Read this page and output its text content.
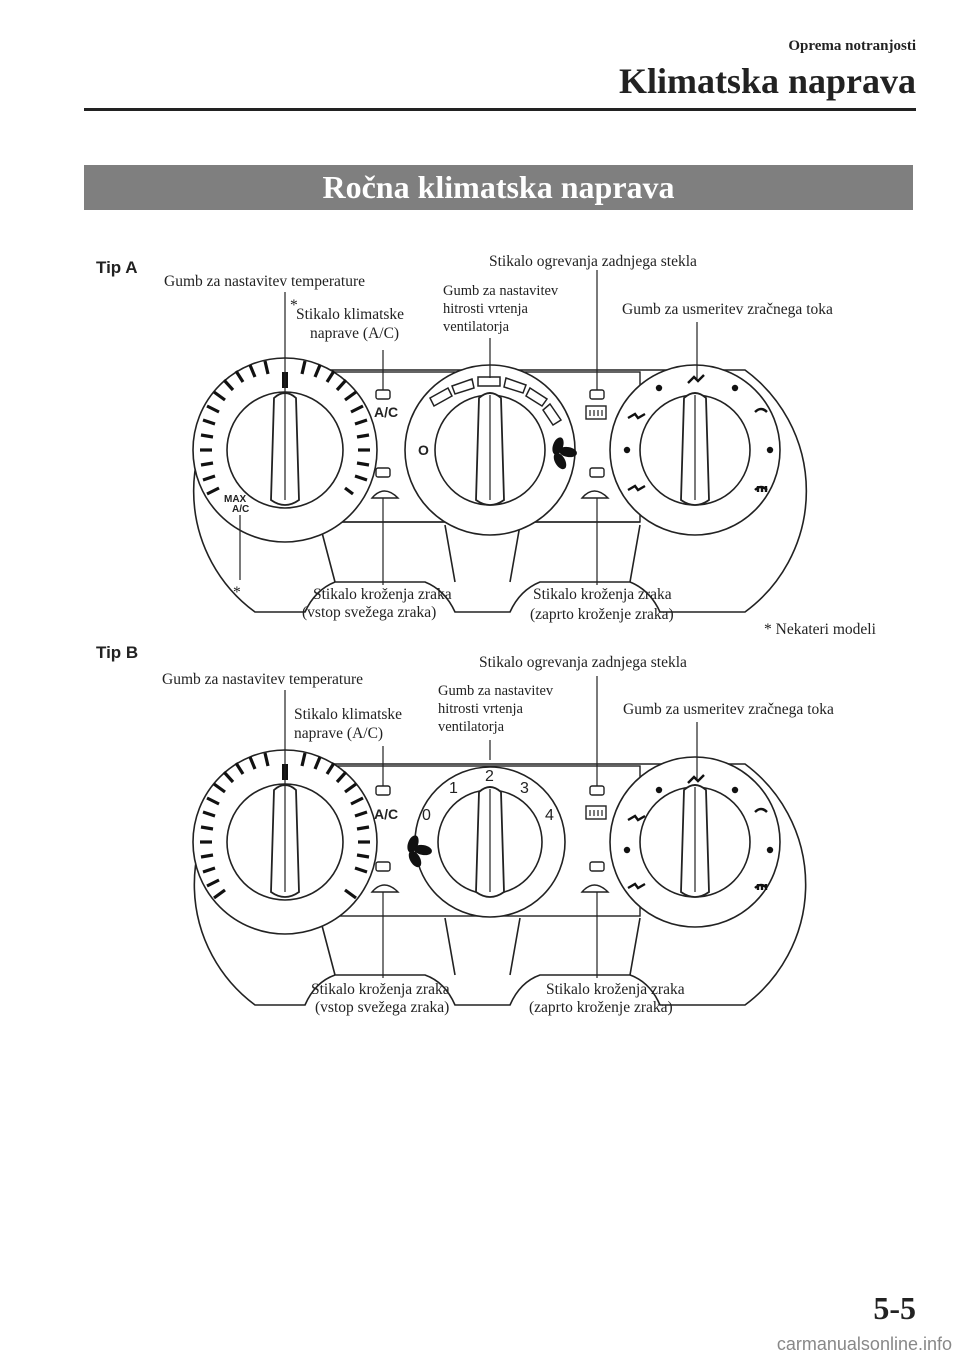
Oprema notranjosti
Klimatska naprava
Ročna klimatska naprava
Tip A
Gumb za nastavitev temperature
*
Stikalo klimatske
naprave (A/C)
Stikalo ogrevanja zadnjega stekla
Gumb za nastavitev
hitrosti vrtenja
ventilatorja
Gumb za usmeritev zračnega toka
A/C
MAX
A/C
O
*	Stikalo kroženja zraka
(vstop svežega zraka)
Stikalo kroženja zraka
(zaprto kroženje zraka)
* Nekateri modeli
Tip B
Gumb za nastavitev temperature
Stikalo klimatske
naprave (A/C)
Stikalo ogrevanja zadnjega stekla
Gumb za nastavitev
hitrosti vrtenja
ventilatorja
Gumb za usmeritev zračnega toka
A/C 0
1
2
3
4
Stikalo kroženja zraka
(vstop svežega zraka)
Stikalo kroženja zraka
(zaprto kroženje zraka)
5-5
carmanualsonline.info
